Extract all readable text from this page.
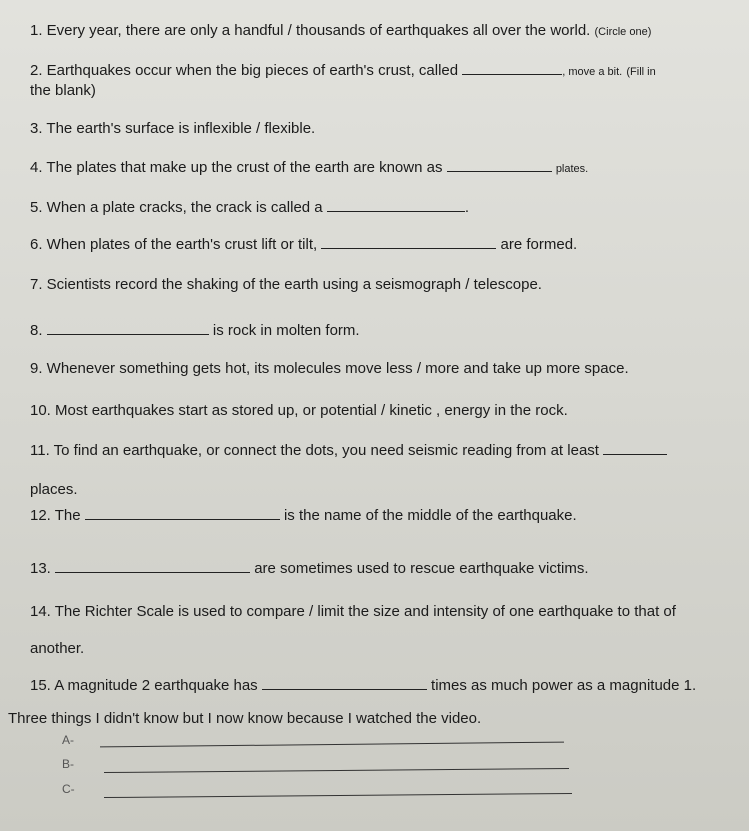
1. Every year, there are only a handful / thousands of earthquakes all over the world. (Circle one)
2. Earthquakes occur when the big pieces of earth's crust, called	, move a bit. (Fill in
the blank)
3. The earth's surface is inflexible / flexible.
4. The plates that make up the crust of the earth are known as	plates.
5. When a plate cracks, the crack is called a	.
6. When plates of the earth's crust lift or tilt,	are formed.
7. Scientists record the shaking of the earth using a seismograph / telescope.
8.	is rock in molten form.
9. Whenever something gets hot, its molecules move less / more and take up more space.
10. Most earthquakes start as stored up, or potential / kinetic , energy in the rock.
11. To find an earthquake, or connect the dots, you need seismic reading from at least
places.
12. The	is the name of the middle of the earthquake.
13.	are sometimes used to rescue earthquake victims.
14. The Richter Scale is used to compare / limit the size and intensity of one earthquake to that of
another.
15. A magnitude 2 earthquake has	times as much power as a magnitude 1.
Three things I didn't know but I now know because I watched the video.
A-
B-
C-
